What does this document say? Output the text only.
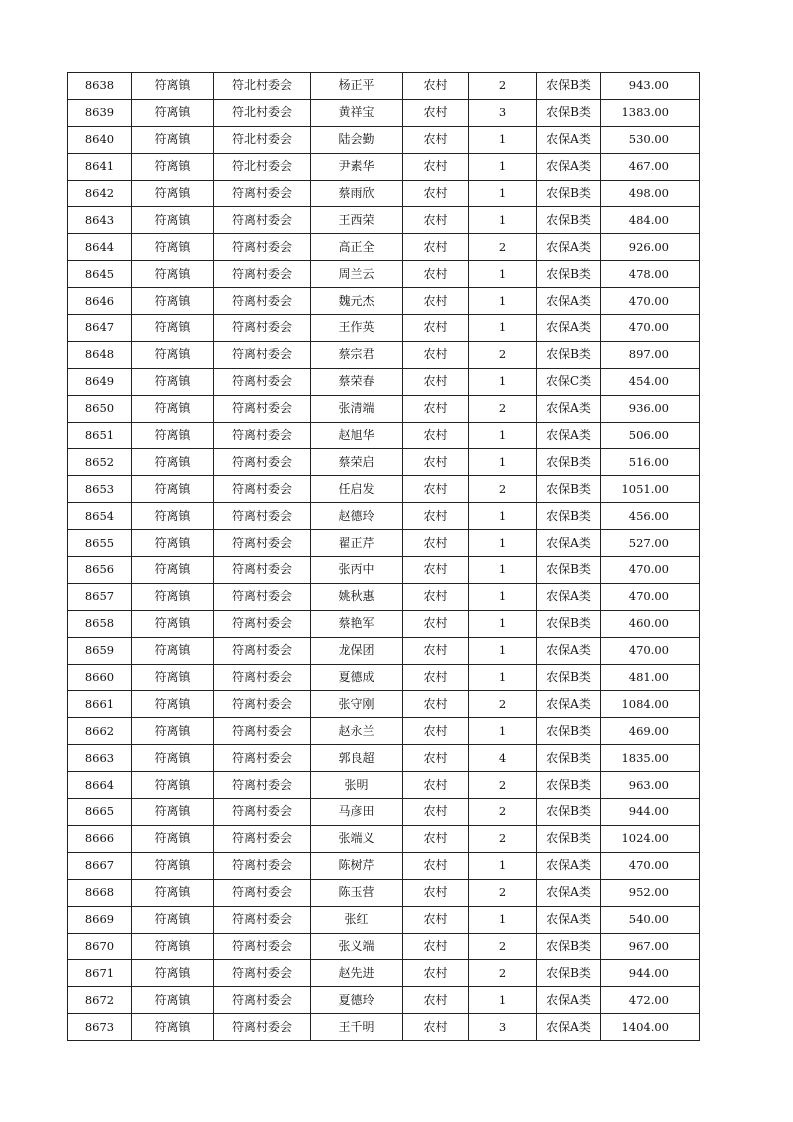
8638	符离镇	符北村委会	杨正平	农村	2	农保B类	943.00
8639	符离镇	符北村委会	黄祥宝	农村	3	农保B类	1383.00
8640	符离镇	符北村委会	陆会勤	农村	1	农保A类	530.00
8641	符离镇	符北村委会	尹素华	农村	1	农保A类	467.00
8642	符离镇	符离村委会	蔡雨欣	农村	1	农保B类	498.00
8643	符离镇	符离村委会	王西荣	农村	1	农保B类	484.00
8644	符离镇	符离村委会	高正全	农村	2	农保A类	926.00
8645	符离镇	符离村委会	周兰云	农村	1	农保B类	478.00
8646	符离镇	符离村委会	魏元杰	农村	1	农保A类	470.00
8647	符离镇	符离村委会	王作英	农村	1	农保A类	470.00
8648	符离镇	符离村委会	蔡宗君	农村	2	农保B类	897.00
8649	符离镇	符离村委会	蔡荣春	农村	1	农保C类	454.00
8650	符离镇	符离村委会	张清端	农村	2	农保A类	936.00
8651	符离镇	符离村委会	赵旭华	农村	1	农保A类	506.00
8652	符离镇	符离村委会	蔡荣启	农村	1	农保B类	516.00
8653	符离镇	符离村委会	任启发	农村	2	农保B类	1051.00
8654	符离镇	符离村委会	赵德玲	农村	1	农保B类	456.00
8655	符离镇	符离村委会	翟正芹	农村	1	农保A类	527.00
8656	符离镇	符离村委会	张丙中	农村	1	农保B类	470.00
8657	符离镇	符离村委会	姚秋惠	农村	1	农保A类	470.00
8658	符离镇	符离村委会	蔡艳军	农村	1	农保B类	460.00
8659	符离镇	符离村委会	龙保团	农村	1	农保A类	470.00
8660	符离镇	符离村委会	夏德成	农村	1	农保B类	481.00
8661	符离镇	符离村委会	张守刚	农村	2	农保A类	1084.00
8662	符离镇	符离村委会	赵永兰	农村	1	农保B类	469.00
8663	符离镇	符离村委会	郭良超	农村	4	农保B类	1835.00
8664	符离镇	符离村委会	张明	农村	2	农保B类	963.00
8665	符离镇	符离村委会	马彦田	农村	2	农保B类	944.00
8666	符离镇	符离村委会	张端义	农村	2	农保B类	1024.00
8667	符离镇	符离村委会	陈树芹	农村	1	农保A类	470.00
8668	符离镇	符离村委会	陈玉营	农村	2	农保A类	952.00
8669	符离镇	符离村委会	张红	农村	1	农保A类	540.00
8670	符离镇	符离村委会	张义端	农村	2	农保B类	967.00
8671	符离镇	符离村委会	赵先进	农村	2	农保B类	944.00
8672	符离镇	符离村委会	夏德玲	农村	1	农保A类	472.00
8673	符离镇	符离村委会	王千明	农村	3	农保A类	1404.00
